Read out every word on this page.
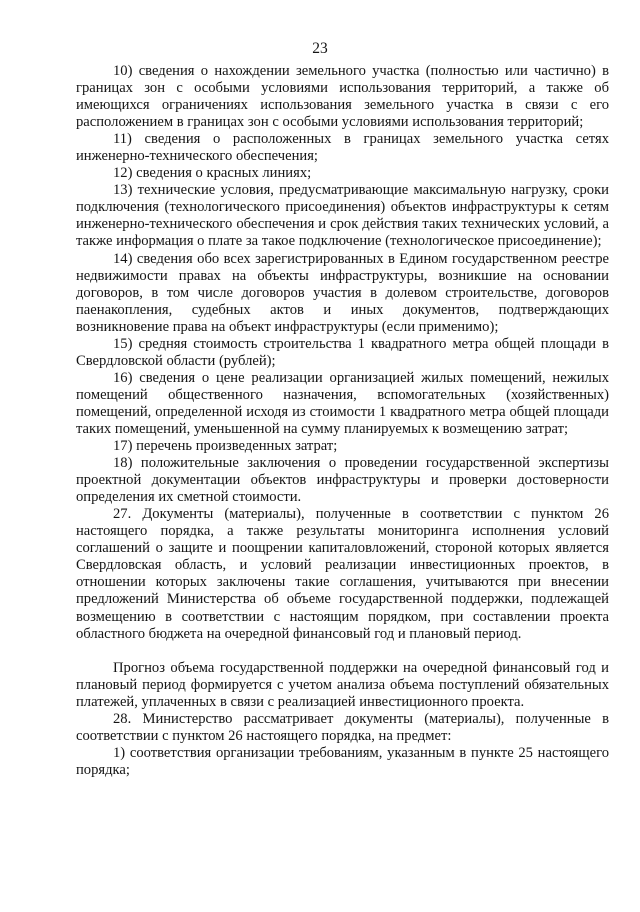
23

10) сведения о нахождении земельного участка (полностью или частично) в границах зон с особыми условиями использования территорий, а также об имеющихся ограничениях использования земельного участка в связи с его расположением в границах зон с особыми условиями использования территорий;

11) сведения о расположенных в границах земельного участка сетях инженерно-технического обеспечения;

12) сведения о красных линиях;

13) технические условия, предусматривающие максимальную нагрузку, сроки подключения (технологического присоединения) объектов инфраструктуры к сетям инженерно-технического обеспечения и срок действия таких технических условий, а также информация о плате за такое подключение (технологическое присоединение);

14) сведения обо всех зарегистрированных в Едином государственном реестре недвижимости правах на объекты инфраструктуры, возникшие на основании договоров, в том числе договоров участия в долевом строительстве, договоров паенакопления, судебных актов и иных документов, подтверждающих возникновение права на объект инфраструктуры (если применимо);

15) средняя стоимость строительства 1 квадратного метра общей площади в Свердловской области (рублей);

16) сведения о цене реализации организацией жилых помещений, нежилых помещений общественного назначения, вспомогательных (хозяйственных) помещений, определенной исходя из стоимости 1 квадратного метра общей площади таких помещений, уменьшенной на сумму планируемых к возмещению затрат;

17) перечень произведенных затрат;

18) положительные заключения о проведении государственной экспертизы проектной документации объектов инфраструктуры и проверки достоверности определения их сметной стоимости.

27. Документы (материалы), полученные в соответствии с пунктом 26 настоящего порядка, а также результаты мониторинга исполнения условий соглашений о защите и поощрении капиталовложений, стороной которых является Свердловская область, и условий реализации инвестиционных проектов, в отношении которых заключены такие соглашения, учитываются при внесении предложений Министерства об объеме государственной поддержки, подлежащей возмещению в соответствии с настоящим порядком, при составлении проекта областного бюджета на очередной финансовый год и плановый период.

Прогноз объема государственной поддержки на очередной финансовый год и плановый период формируется с учетом анализа объема поступлений обязательных платежей, уплаченных в связи с реализацией инвестиционного проекта.

28. Министерство рассматривает документы (материалы), полученные в соответствии с пунктом 26 настоящего порядка, на предмет:

1) соответствия организации требованиям, указанным в пункте 25 настоящего порядка;
